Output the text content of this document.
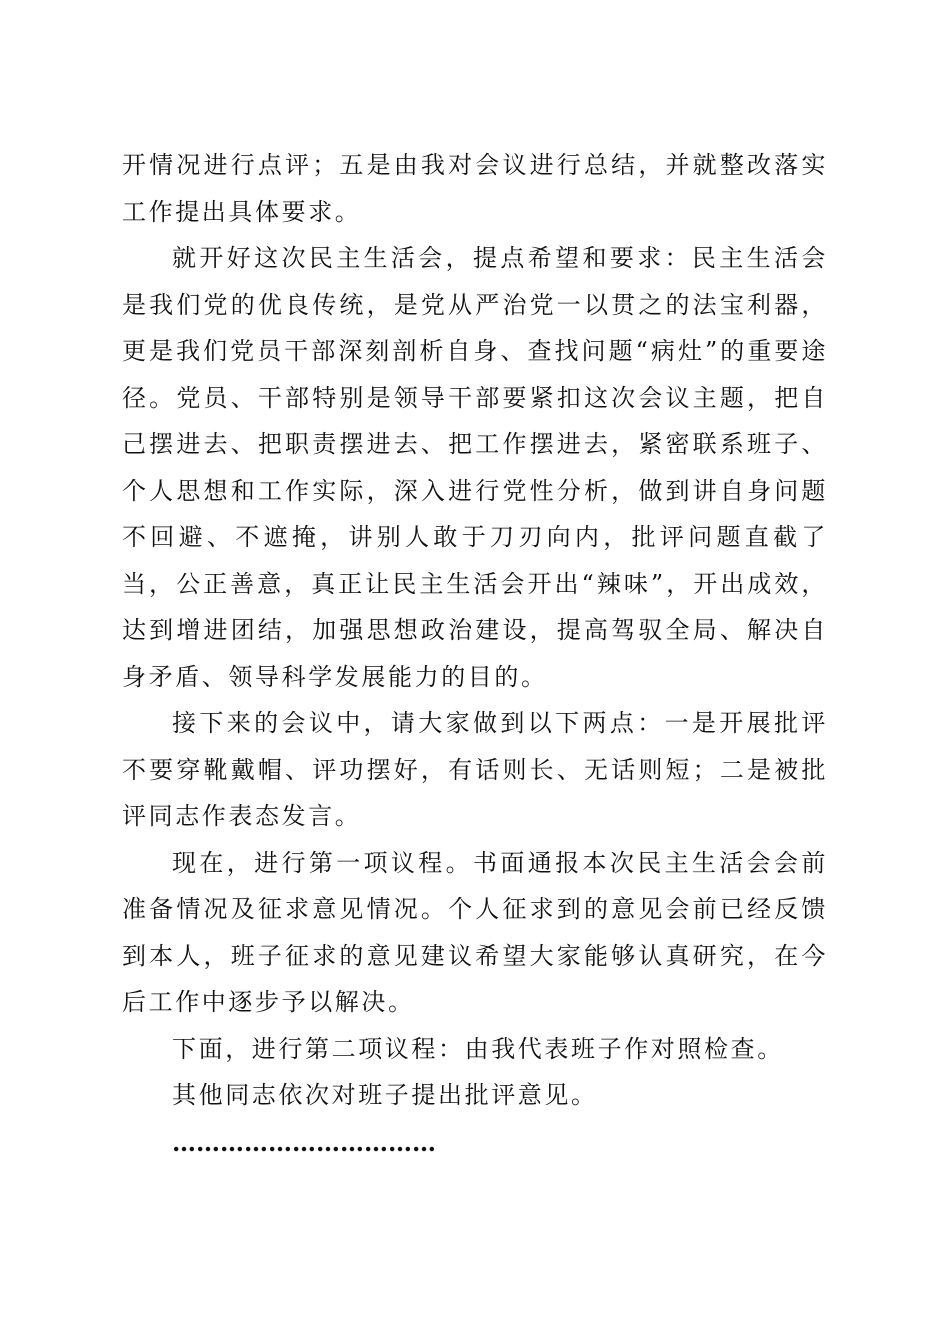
开情况进行点评；五是由我对会议进行总结，并就整改落实工作提出具体要求。

就开好这次民主生活会，提点希望和要求：民主生活会是我们党的优良传统，是党从严治党一以贯之的法宝利器，更是我们党员干部深刻剖析自身、查找问题“病灶”的重要途径。党员、干部特别是领导干部要紧扣这次会议主题，把自己摆进去、把职责摆进去、把工作摆进去，紧密联系班子、个人思想和工作实际，深入进行党性分析，做到讲自身问题不回避、不遮掩，讲别人敢于刀刃向内，批评问题直截了当，公正善意，真正让民主生活会开出“辣味”，开出成效，达到增进团结，加强思想政治建设，提高驾驭全局、解决自身矛盾、领导科学发展能力的目的。

接下来的会议中，请大家做到以下两点：一是开展批评不要穿靴戴帽、评功摆好，有话则长、无话则短；二是被批评同志作表态发言。

现在，进行第一项议程。书面通报本次民主生活会会前准备情况及征求意见情况。个人征求到的意见会前已经反馈到本人，班子征求的意见建议希望大家能够认真研究，在今后工作中逐步予以解决。

下面，进行第二项议程：由我代表班子作对照检查。

其他同志依次对班子提出批评意见。

……………………………
